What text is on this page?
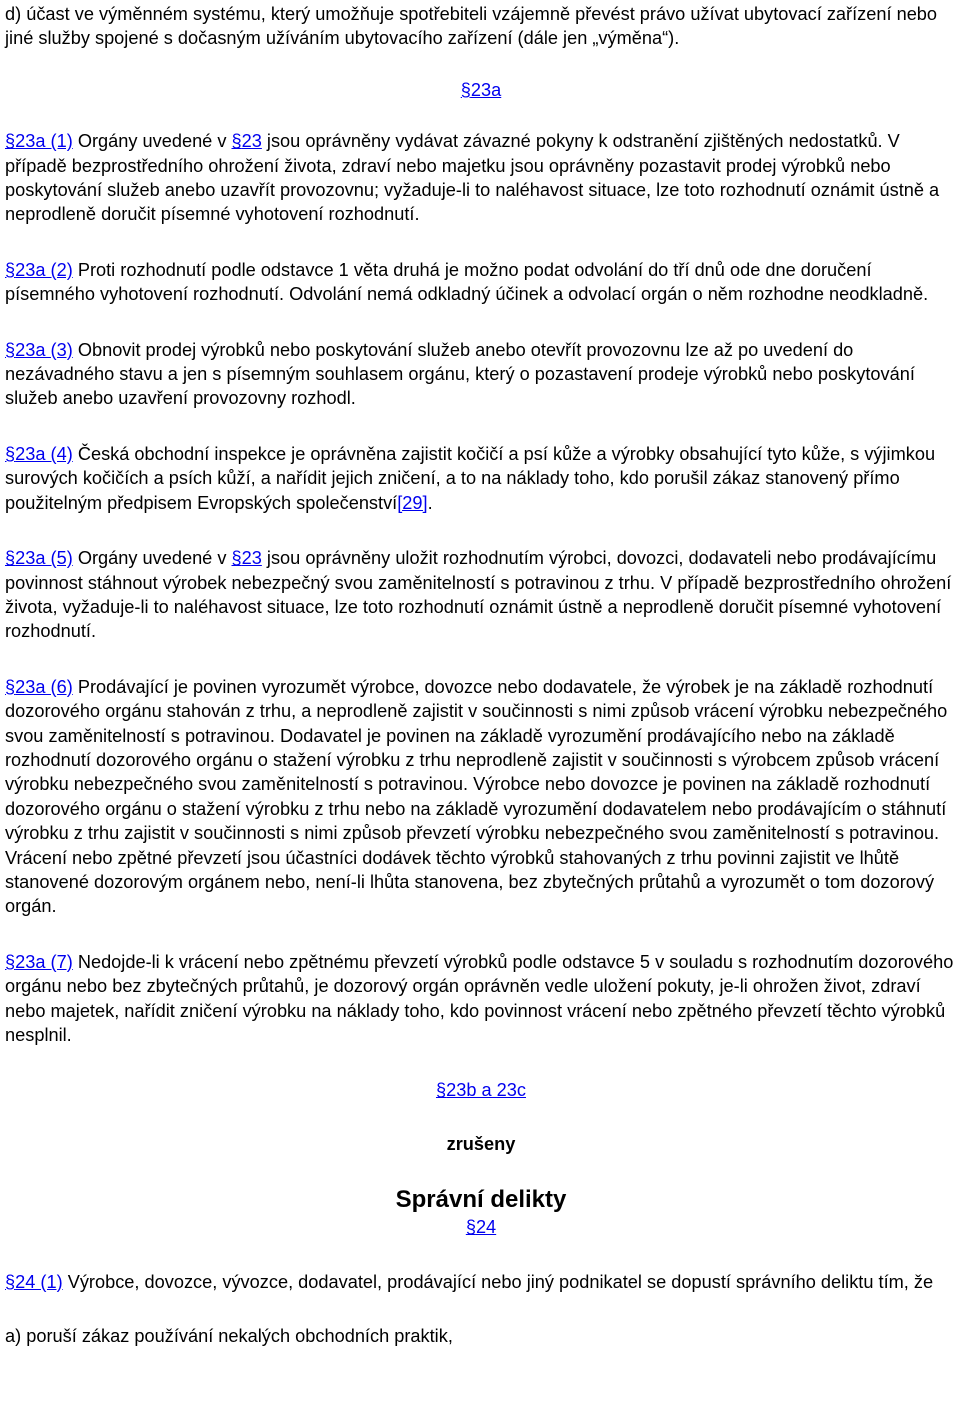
d) účast ve výměnném systému, který umožňuje spotřebiteli vzájemně převést právo užívat ubytovací zařízení nebo jiné služby spojené s dočasným užíváním ubytovacího zařízení (dále jen „výměna“).

§23a

§23a (1) Orgány uvedené v §23 jsou oprávněny vydávat závazné pokyny k odstranění zjištěných nedostatků. V případě bezprostředního ohrožení života, zdraví nebo majetku jsou oprávněny pozastavit prodej výrobků nebo poskytování služeb anebo uzavřít provozovnu; vyžaduje-li to naléhavost situace, lze toto rozhodnutí oznámit ústně a neprodleně doručit písemné vyhotovení rozhodnutí.

§23a (2) Proti rozhodnutí podle odstavce 1 věta druhá je možno podat odvolání do tří dnů ode dne doručení písemného vyhotovení rozhodnutí. Odvolání nemá odkladný účinek a odvolací orgán o něm rozhodne neodkladně.

§23a (3) Obnovit prodej výrobků nebo poskytování služeb anebo otevřít provozovnu lze až po uvedení do nezávadného stavu a jen s písemným souhlasem orgánu, který o pozastavení prodeje výrobků nebo poskytování služeb anebo uzavření provozovny rozhodl.

§23a (4) Česká obchodní inspekce je oprávněna zajistit kočičí a psí kůže a výrobky obsahující tyto kůže, s výjimkou surových kočičích a psích kůží, a nařídit jejich zničení, a to na náklady toho, kdo porušil zákaz stanovený přímo použitelným předpisem Evropských společenství[29].

§23a (5) Orgány uvedené v §23 jsou oprávněny uložit rozhodnutím výrobci, dovozci, dodavateli nebo prodávajícímu povinnost stáhnout výrobek nebezpečný svou zaměnitelností s potravinou z trhu. V případě bezprostředního ohrožení života, vyžaduje-li to naléhavost situace, lze toto rozhodnutí oznámit ústně a neprodleně doručit písemné vyhotovení rozhodnutí.

§23a (6) Prodávající je povinen vyrozumět výrobce, dovozce nebo dodavatele, že výrobek je na základě rozhodnutí dozorového orgánu stahován z trhu, a neprodleně zajistit v součinnosti s nimi způsob vrácení výrobku nebezpečného svou zaměnitelností s potravinou. Dodavatel je povinen na základě vyrozumění prodávajícího nebo na základě rozhodnutí dozorového orgánu o stažení výrobku z trhu neprodleně zajistit v součinnosti s výrobcem způsob vrácení výrobku nebezpečného svou zaměnitelností s potravinou. Výrobce nebo dovozce je povinen na základě rozhodnutí dozorového orgánu o stažení výrobku z trhu nebo na základě vyrozumění dodavatelem nebo prodávajícím o stáhnutí výrobku z trhu zajistit v součinnosti s nimi způsob převzetí výrobku nebezpečného svou zaměnitelností s potravinou. Vrácení nebo zpětné převzetí jsou účastníci dodávek těchto výrobků stahovaných z trhu povinni zajistit ve lhůtě stanovené dozorovým orgánem nebo, není-li lhůta stanovena, bez zbytečných průtahů a vyrozumět o tom dozorový orgán.

§23a (7) Nedojde-li k vrácení nebo zpětnému převzetí výrobků podle odstavce 5 v souladu s rozhodnutím dozorového orgánu nebo bez zbytečných průtahů, je dozorový orgán oprávněn vedle uložení pokuty, je-li ohrožen život, zdraví nebo majetek, nařídit zničení výrobku na náklady toho, kdo povinnost vrácení nebo zpětného převzetí těchto výrobků nesplnil.

§23b a 23c

zrušeny

Správní delikty

§24

§24 (1) Výrobce, dovozce, vývozce, dodavatel, prodávající nebo jiný podnikatel se dopustí správního deliktu tím, že

a) poruší zákaz používání nekalých obchodních praktik,
